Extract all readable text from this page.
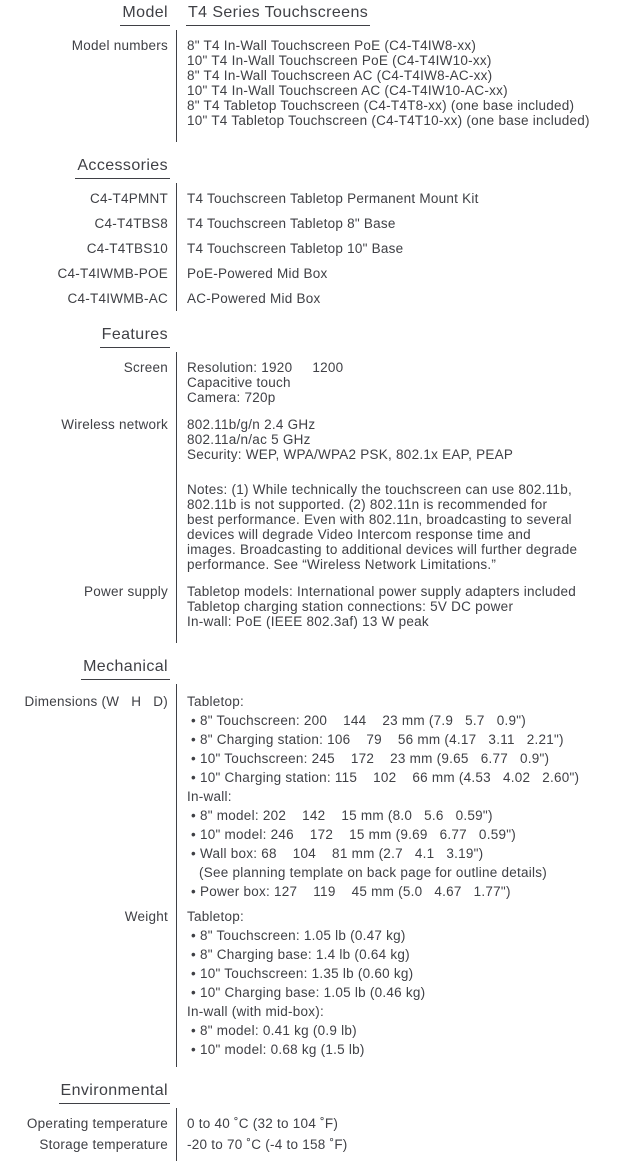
Model	T4 Series Touchscreens
Model numbers	8" T4 In-Wall Touchscreen PoE (C4-T4IW8-xx)
10" T4 In-Wall Touchscreen PoE (C4-T4IW10-xx)
8" T4 In-Wall Touchscreen AC (C4-T4IW8-AC-xx)
10" T4 In-Wall Touchscreen AC (C4-T4IW10-AC-xx)
8" T4 Tabletop Touchscreen (C4-T4T8-xx) (one base included)
10" T4 Tabletop Touchscreen (C4-T4T10-xx) (one base included)
Accessories
C4-T4PMNT	T4 Touchscreen Tabletop Permanent Mount Kit
C4-T4TBS8	T4 Touchscreen Tabletop 8" Base
C4-T4TBS10	T4 Touchscreen Tabletop 10" Base
C4-T4IWMB-POE	PoE-Powered Mid Box
C4-T4IWMB-AC	AC-Powered Mid Box
Features
Screen	Resolution: 1920     1200
Capacitive touch
Camera: 720p
Wireless network	802.11b/g/n 2.4 GHz
802.11a/n/ac 5 GHz
Security: WEP, WPA/WPA2 PSK, 802.1x EAP, PEAP
Notes: (1) While technically the touchscreen can use 802.11b,
802.11b is not supported. (2) 802.11n is recommended for
best performance. Even with 802.11n, broadcasting to several
devices will degrade Video Intercom response time and
images. Broadcasting to additional devices will further degrade
performance. See “Wireless Network Limitations.”
Power supply	Tabletop models: International power supply adapters included
Tabletop charging station connections: 5V DC power
In-wall: PoE (IEEE 802.3af) 13 W peak
Mechanical
Dimensions (W   H   D)	Tabletop:
• 8" Touchscreen: 200    144    23 mm (7.9   5.7   0.9")
• 8" Charging station: 106    79    56 mm (4.17   3.11   2.21")
• 10" Touchscreen: 245    172    23 mm (9.65   6.77   0.9")
• 10" Charging station: 115    102    66 mm (4.53   4.02   2.60")
In-wall:
• 8" model: 202    142    15 mm (8.0   5.6   0.59")
• 10" model: 246    172    15 mm (9.69   6.77   0.59")
• Wall box: 68    104    81 mm (2.7   4.1   3.19")
(See planning template on back page for outline details)
• Power box: 127    119    45 mm (5.0   4.67   1.77")
Weight	Tabletop:
• 8" Touchscreen: 1.05 lb (0.47 kg)
• 8" Charging base: 1.4 lb (0.64 kg)
• 10" Touchscreen: 1.35 lb (0.60 kg)
• 10" Charging base: 1.05 lb (0.46 kg)
In-wall (with mid-box):
• 8" model: 0.41 kg (0.9 lb)
• 10" model: 0.68 kg (1.5 lb)
Environmental
Operating temperature	0 to 40 ˚C (32 to 104 ˚F)
Storage temperature	-20 to 70 ˚C (-4 to 158 ˚F)
